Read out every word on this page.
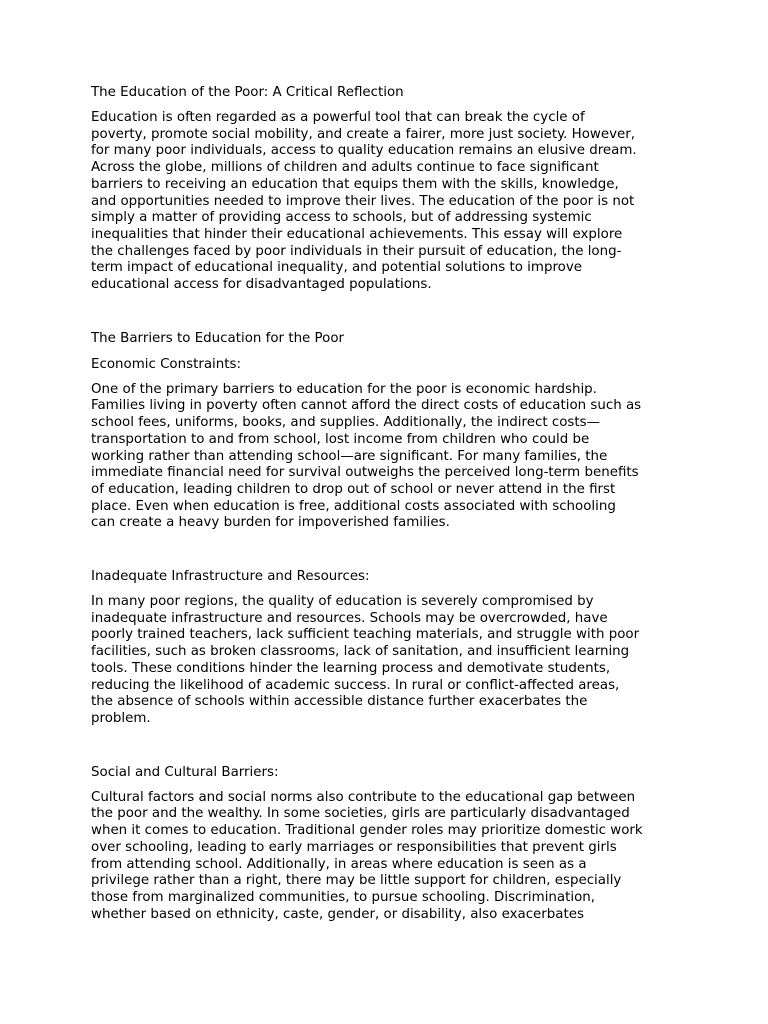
The Education of the Poor: A Critical Reflection

Education is often regarded as a powerful tool that can break the cycle of
poverty, promote social mobility, and create a fairer, more just society. However,
for many poor individuals, access to quality education remains an elusive dream.
Across the globe, millions of children and adults continue to face significant
barriers to receiving an education that equips them with the skills, knowledge,
and opportunities needed to improve their lives. The education of the poor is not
simply a matter of providing access to schools, but of addressing systemic
inequalities that hinder their educational achievements. This essay will explore
the challenges faced by poor individuals in their pursuit of education, the long-
term impact of educational inequality, and potential solutions to improve
educational access for disadvantaged populations.

The Barriers to Education for the Poor
Economic Constraints:

One of the primary barriers to education for the poor is economic hardship.
Families living in poverty often cannot afford the direct costs of education such as
school fees, uniforms, books, and supplies. Additionally, the indirect costs—
transportation to and from school, lost income from children who could be
working rather than attending school—are significant. For many families, the
immediate financial need for survival outweighs the perceived long-term benefits
of education, leading children to drop out of school or never attend in the first
place. Even when education is free, additional costs associated with schooling
can create a heavy burden for impoverished families.

Inadequate Infrastructure and Resources:

In many poor regions, the quality of education is severely compromised by
inadequate infrastructure and resources. Schools may be overcrowded, have
poorly trained teachers, lack sufficient teaching materials, and struggle with poor
facilities, such as broken classrooms, lack of sanitation, and insufficient learning
tools. These conditions hinder the learning process and demotivate students,
reducing the likelihood of academic success. In rural or conflict-affected areas,
the absence of schools within accessible distance further exacerbates the
problem.

Social and Cultural Barriers:

Cultural factors and social norms also contribute to the educational gap between
the poor and the wealthy. In some societies, girls are particularly disadvantaged
when it comes to education. Traditional gender roles may prioritize domestic work
over schooling, leading to early marriages or responsibilities that prevent girls
from attending school. Additionally, in areas where education is seen as a
privilege rather than a right, there may be little support for children, especially
those from marginalized communities, to pursue schooling. Discrimination,
whether based on ethnicity, caste, gender, or disability, also exacerbates
